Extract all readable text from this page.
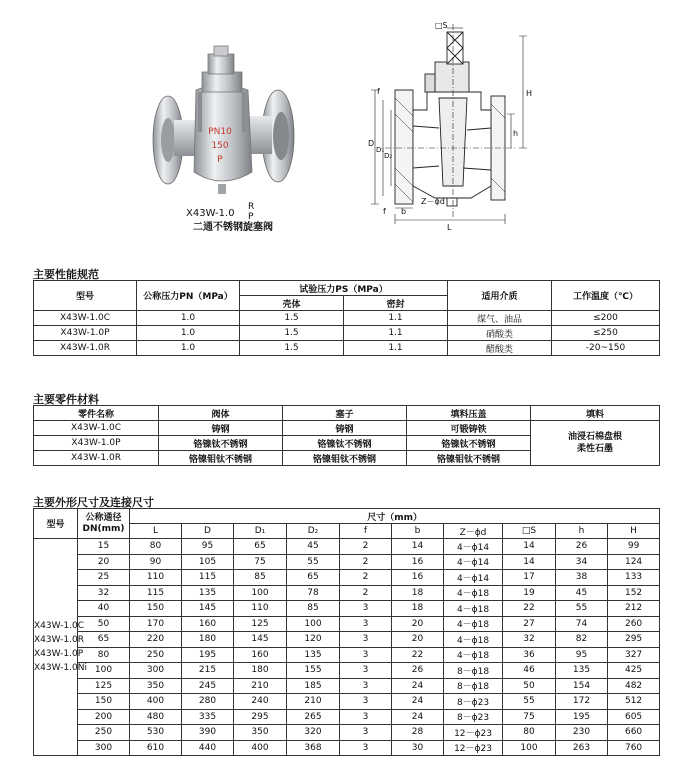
PN10
150
P
X43W-1.0
R
P
二通不锈钢旋塞阀
□S
H
h
D
D₁
D₂
f
f b
Z－ϕd
L
主要性能规范
型号	公称压力PN（MPa）	试验压力PS（MPa）		适用介质	工作温度（℃）
		壳体	密封		
X43W-1.0C	1.0	1.5	1.1	煤气、油品	≤200
X43W-1.0P	1.0	1.5	1.1	硝酸类	≤250
X43W-1.0R	1.0	1.5	1.1	醋酸类	-20~150
主要零件材料
零件名称	阀体	塞子	填料压盖	填料
X43W-1.0C	铸钢	铸钢	可锻铸铁	油浸石棉盘根
柔性石墨

X43W-1.0P	铬镍钛不锈钢	铬镍钛不锈钢	铬镍钛不锈钢	
X43W-1.0R	铬镍钼钛不锈钢	铬镍钼钛不锈钢	铬镍钼钛不锈钢	
主要外形尺寸及连接尺寸
型号	公称通径
DN(mm)	尺寸（mm）									
		L	D	D₁	D₂	f	b	Z－ϕd	□S	h	H

X43W-1.0C
X43W-1.0R
X43W-1.0P
X43W-1.0Ni	15	80	95	65	45	2	14	4－ϕ14	14	26	99
	20	90	105	75	55	2	16	4－ϕ14	14	34	124
	25	110	115	85	65	2	16	4－ϕ14	17	38	133
	32	115	135	100	78	2	18	4－ϕ18	19	45	152
	40	150	145	110	85	3	18	4－ϕ18	22	55	212
	50	170	160	125	100	3	20	4－ϕ18	27	74	260
	65	220	180	145	120	3	20	4－ϕ18	32	82	295
	80	250	195	160	135	3	22	4－ϕ18	36	95	327
	100	300	215	180	155	3	26	8－ϕ18	46	135	425
	125	350	245	210	185	3	24	8－ϕ18	50	154	482
	150	400	280	240	210	3	24	8－ϕ23	55	172	512
	200	480	335	295	265	3	24	8－ϕ23	75	195	605
	250	530	390	350	320	3	28	12－ϕ23	80	230	660
	300	610	440	400	368	3	30	12－ϕ23	100	263	760
